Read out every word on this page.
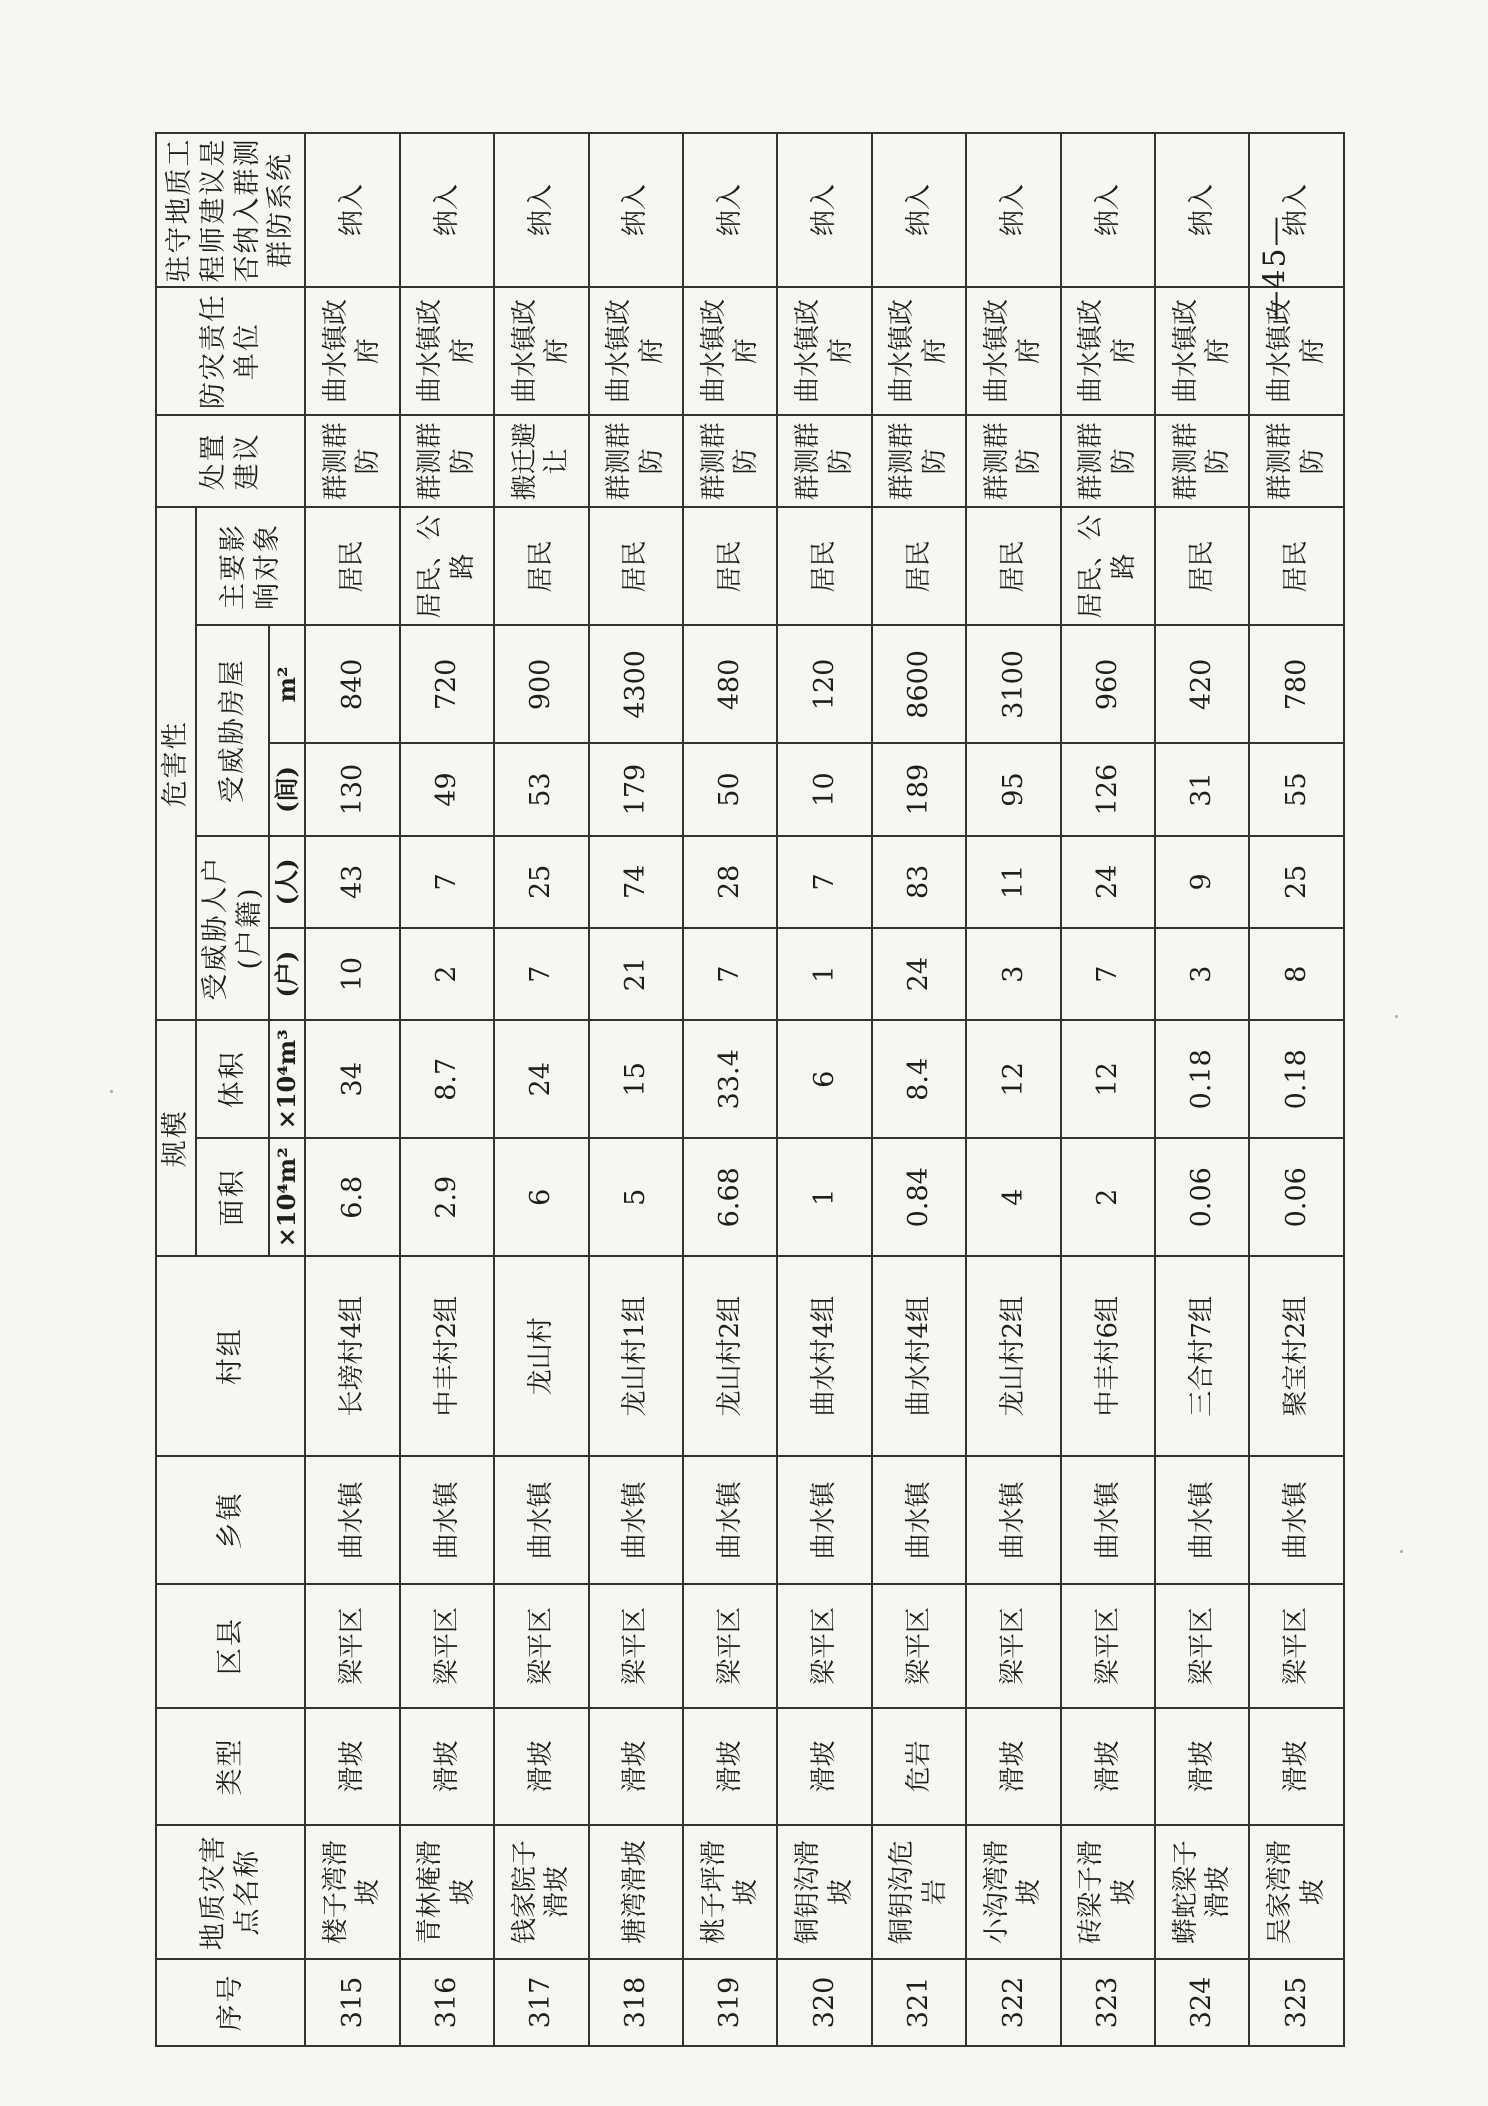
序号	地质灾害点名称	类型	区县	乡镇	村组	规模		危害性					处置建议	防灾责任单位	驻守地质工程师建议是否纳入群测群防系统
						面积	体积	受威胁人户(户籍)		受威胁房屋		主要影响对象			
						×10⁴m²	×10⁴m³	(户)	(人)	(间)	m²				
315	楼子湾滑坡	滑坡	梁平区	曲水镇	长塝村4组	6.8	34	10	43	130	840	居民	群测群防	曲水镇政府	纳入
316	青林庵滑坡	滑坡	梁平区	曲水镇	中丰村2组	2.9	8.7	2	7	49	720	居民、公路	群测群防	曲水镇政府	纳入
317	钱家院子滑坡	滑坡	梁平区	曲水镇	龙山村	6	24	7	25	53	900	居民	搬迁避让	曲水镇政府	纳入
318	塘湾滑坡	滑坡	梁平区	曲水镇	龙山村1组	5	15	21	74	179	4300	居民	群测群防	曲水镇政府	纳入
319	桃子坪滑坡	滑坡	梁平区	曲水镇	龙山村2组	6.68	33.4	7	28	50	480	居民	群测群防	曲水镇政府	纳入
320	铜钥沟滑坡	滑坡	梁平区	曲水镇	曲水村4组	1	6	1	7	10	120	居民	群测群防	曲水镇政府	纳入
321	铜钥沟危岩	危岩	梁平区	曲水镇	曲水村4组	0.84	8.4	24	83	189	8600	居民	群测群防	曲水镇政府	纳入
322	小沟湾滑坡	滑坡	梁平区	曲水镇	龙山村2组	4	12	3	11	95	3100	居民	群测群防	曲水镇政府	纳入
323	砖梁子滑坡	滑坡	梁平区	曲水镇	中丰村6组	2	12	7	24	126	960	居民、公路	群测群防	曲水镇政府	纳入
324	蟒蛇梁子滑坡	滑坡	梁平区	曲水镇	三合村7组	0.06	0.18	3	9	31	420	居民	群测群防	曲水镇政府	纳入
325	吴家湾滑坡	滑坡	梁平区	曲水镇	聚宝村2组	0.06	0.18	8	25	55	780	居民	群测群防	曲水镇政府	纳入
—45—
